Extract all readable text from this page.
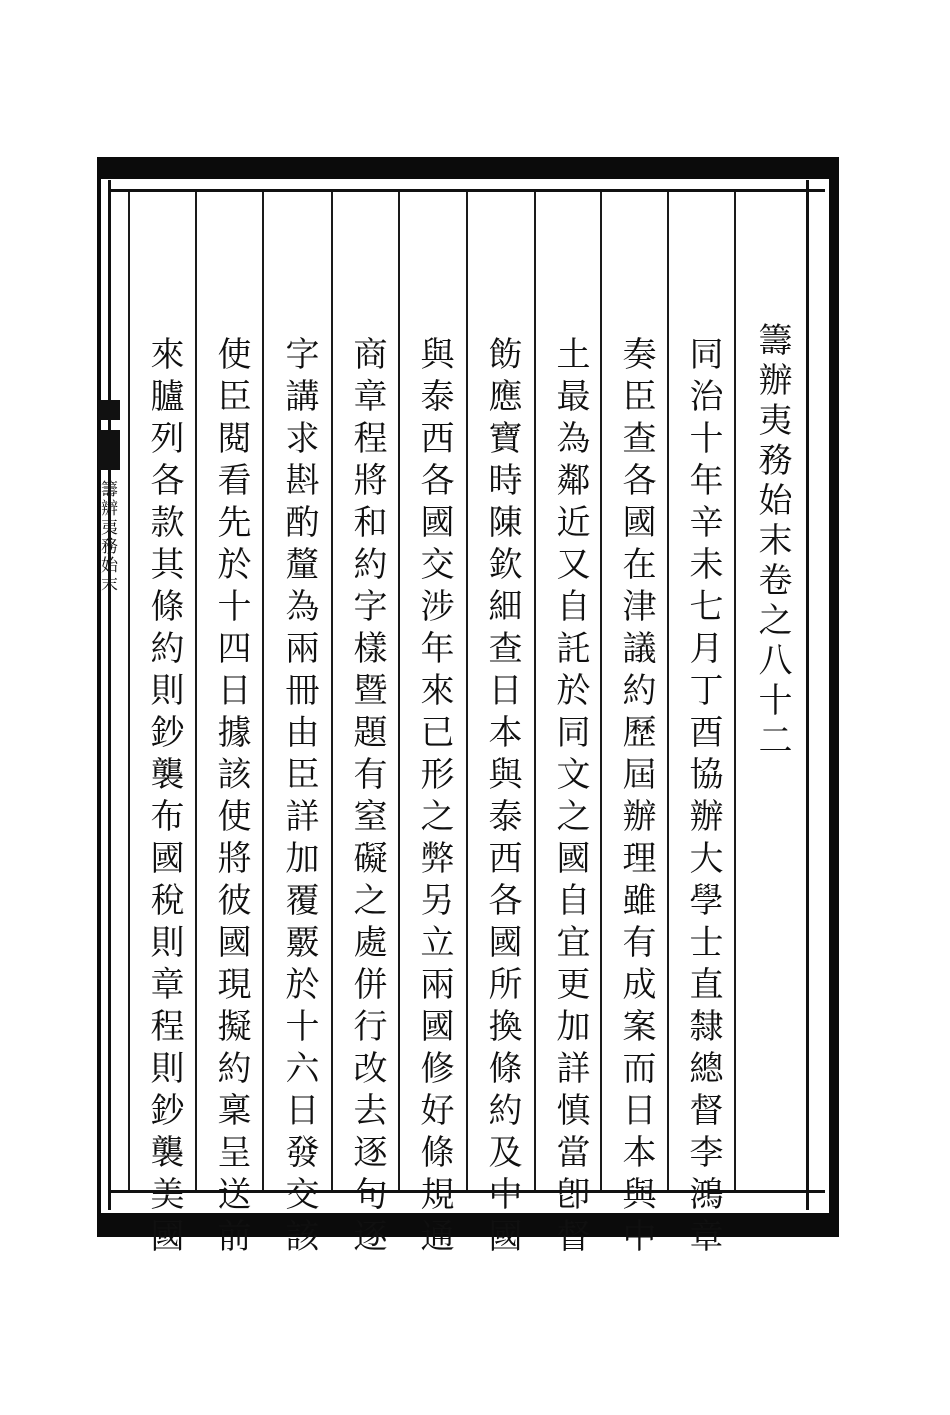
籌辦夷務始末	籌辦夷務始末卷之八十二
同治十年辛未七月丁酉協辦大學士直隸總督李鴻章
奏臣查各國在津議約歷屆辦理雖有成案而日本與中
土最為鄰近又自託於同文之國自宜更加詳慎當卽督
飭應寶時陳欽細查日本與泰西各國所換條約及中國
與泰西各國交涉年來已形之弊另立兩國修好條規通
商章程將和約字樣暨題有窒礙之處併行改去逐句逐
字講求斟酌釐為兩冊由臣詳加覆覈於十六日發交該
使臣閱看先於十四日據該使將彼國現擬約稟呈送前
來臚列各款其條約則鈔襲布國稅則章程則鈔襲美國
